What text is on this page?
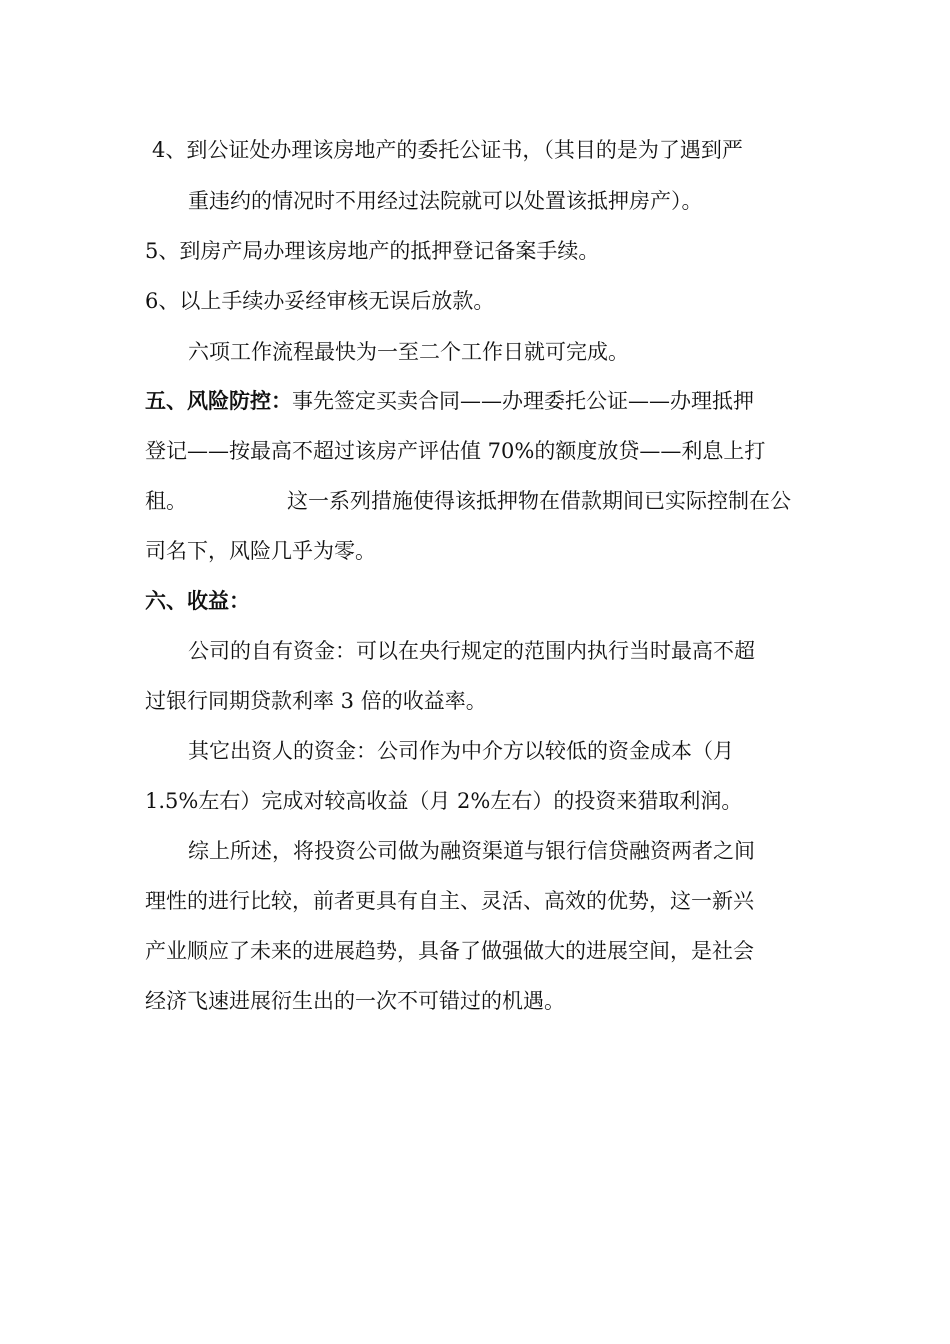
4、到公证处办理该房地产的委托公证书，（其目的是为了遇到严
重违约的情况时不用经过法院就可以处置该抵押房产）。
5、到房产局办理该房地产的抵押登记备案手续。
6、以上手续办妥经审核无误后放款。
六项工作流程最快为一至二个工作日就可完成。
五、风险防控：事先签定买卖合同——办理委托公证——办理抵押
登记——按最高不超过该房产评估值 70%的额度放贷——利息上打
租。	这一系列措施使得该抵押物在借款期间已实际控制在公
司名下，风险几乎为零。
六、收益：
公司的自有资金：可以在央行规定的范围内执行当时最高不超
过银行同期贷款利率 3 倍的收益率。
其它出资人的资金：公司作为中介方以较低的资金成本（月
1.5%左右）完成对较高收益（月 2%左右）的投资来猎取利润。
综上所述，将投资公司做为融资渠道与银行信贷融资两者之间
理性的进行比较，前者更具有自主、灵活、高效的优势，这一新兴
产业顺应了未来的进展趋势，具备了做强做大的进展空间，是社会
经济飞速进展衍生出的一次不可错过的机遇。
